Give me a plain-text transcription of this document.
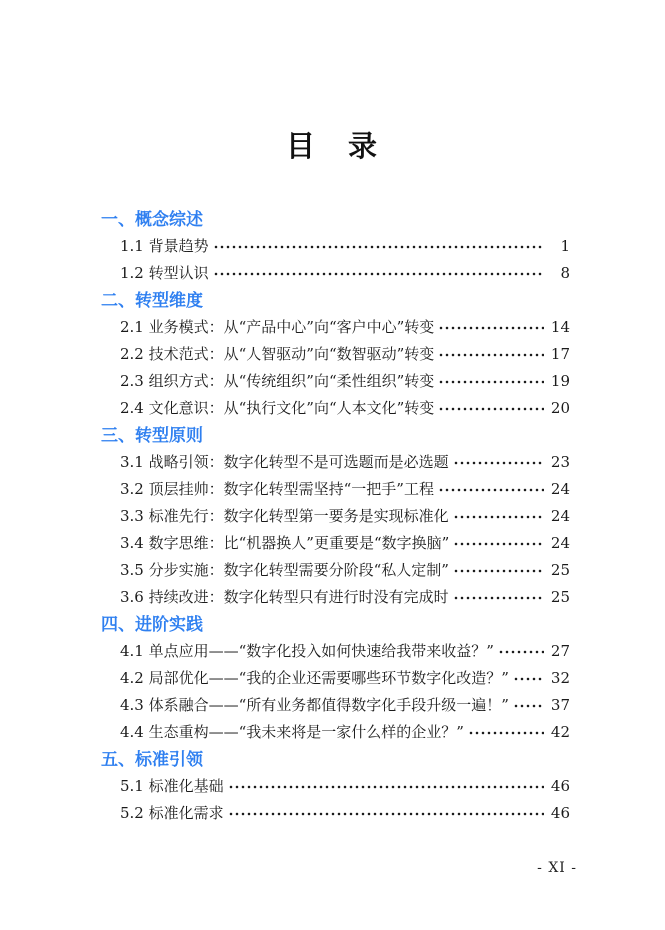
目　录
一、概念综述
1.1 背景趋势	1
1.2 转型认识	8
二、转型维度
2.1 业务模式：从“产品中心”向“客户中心”转变	14
2.2 技术范式：从“人智驱动”向“数智驱动”转变	17
2.3 组织方式：从“传统组织”向“柔性组织”转变	19
2.4 文化意识：从“执行文化”向“人本文化”转变	20
三、转型原则
3.1 战略引领：数字化转型不是可选题而是必选题	23
3.2 顶层挂帅：数字化转型需坚持“一把手”工程	24
3.3 标准先行：数字化转型第一要务是实现标准化	24
3.4 数字思维：比“机器换人”更重要是“数字换脑”	24
3.5 分步实施：数字化转型需要分阶段“私人定制”	25
3.6 持续改进：数字化转型只有进行时没有完成时	25
四、进阶实践
4.1 单点应用——“数字化投入如何快速给我带来收益？”	27
4.2 局部优化——“我的企业还需要哪些环节数字化改造？”	32
4.3 体系融合——“所有业务都值得数字化手段升级一遍！”	37
4.4 生态重构——“我未来将是一家什么样的企业？”	42
五、标准引领
5.1 标准化基础	46
5.2 标准化需求	46
- XI -
